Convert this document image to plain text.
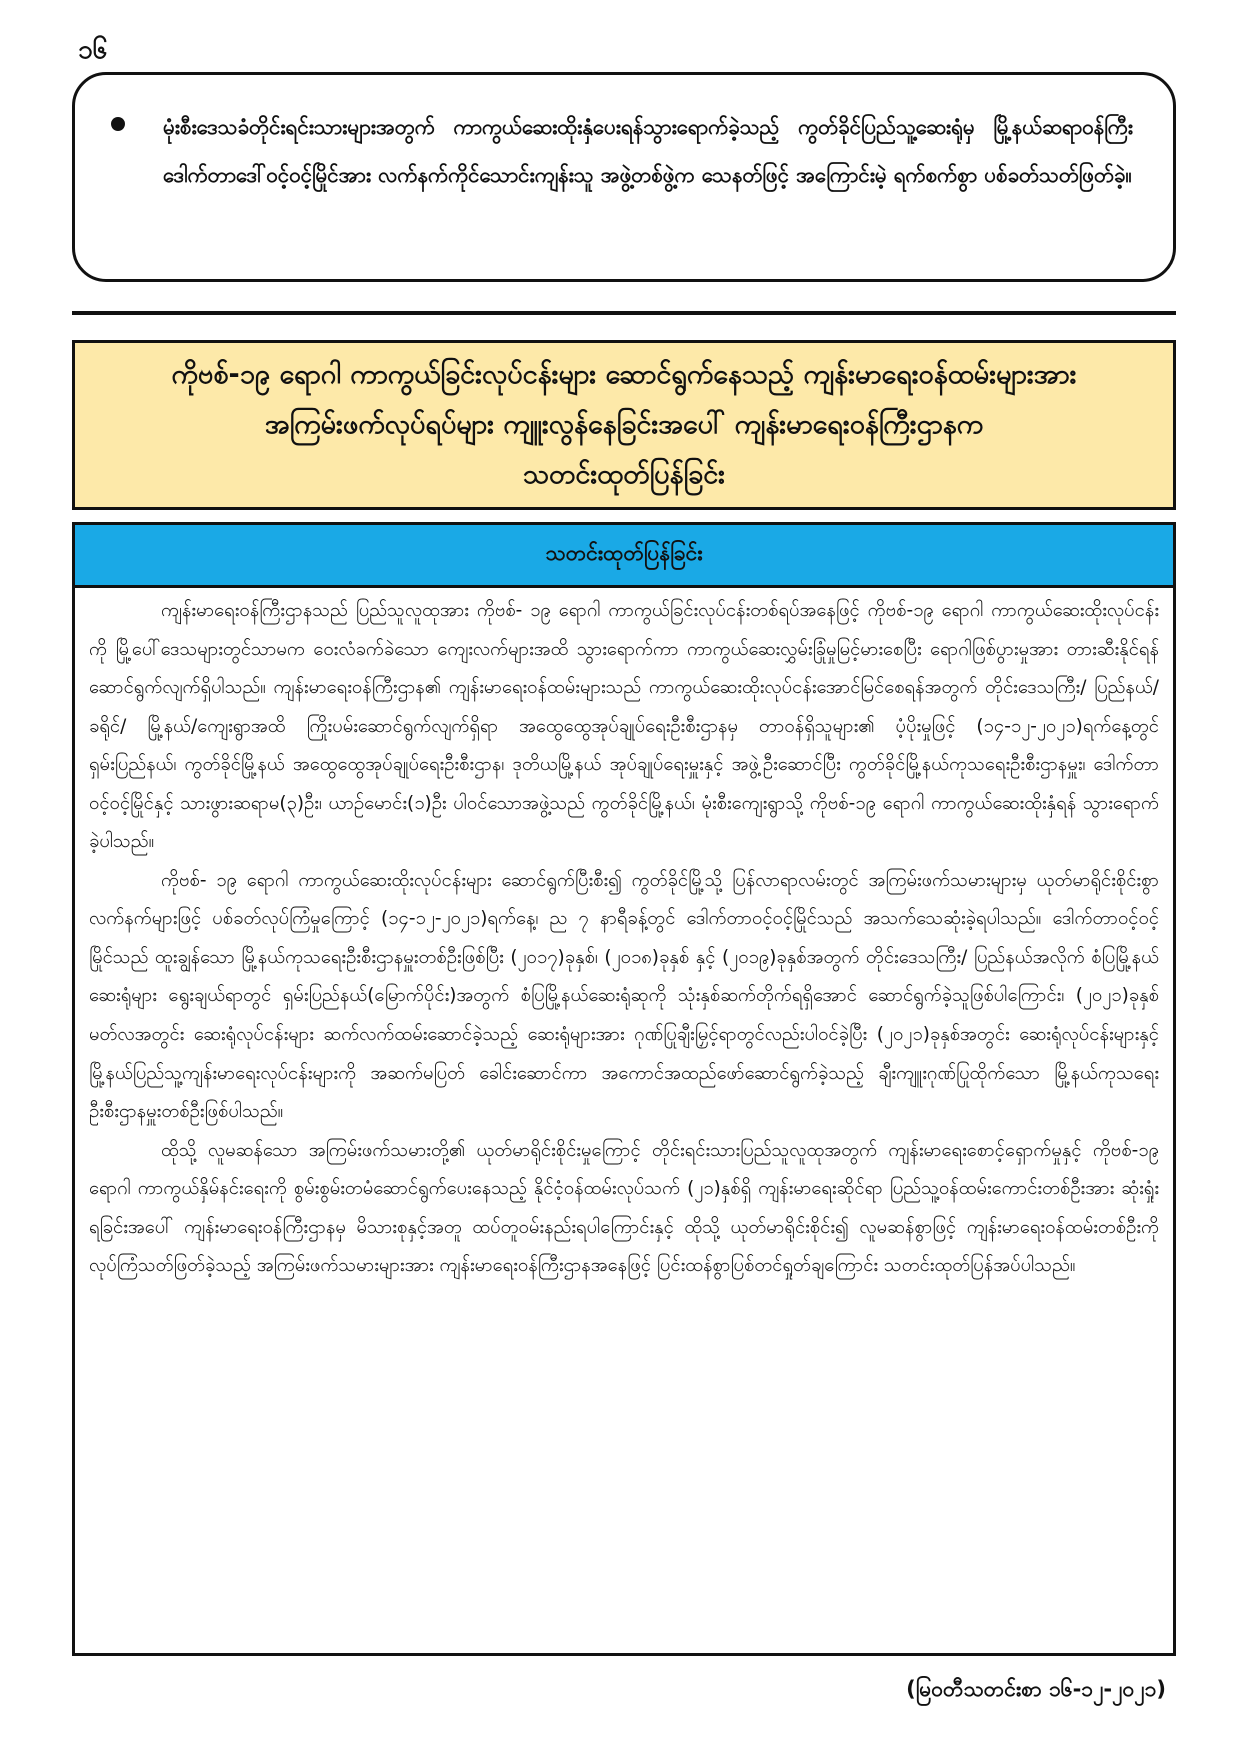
၁၆

မုံးစီးဒေသခံတိုင်းရင်းသားများအတွက် ကာကွယ်ဆေးထိုးနှံပေးရန်သွားရောက်ခဲ့သည့် ကွတ်ခိုင်ပြည်သူ့ဆေးရုံမှ မြို့နယ်ဆရာဝန်ကြီး ဒေါက်တာဒေါ်ဝင့်ဝင့်မြိုင်အား လက်နက်ကိုင်သောင်းကျန်းသူ အဖွဲ့တစ်ဖွဲ့က သေနတ်ဖြင့် အကြောင်းမဲ့ ရက်စက်စွာ ပစ်ခတ်သတ်ဖြတ်ခဲ့။

ကိုဗစ်-၁၉ ရောဂါ ကာကွယ်ခြင်းလုပ်ငန်းများ ဆောင်ရွက်နေသည့် ကျန်းမာရေးဝန်ထမ်းများအား
အကြမ်းဖက်လုပ်ရပ်များ ကျူးလွန်နေခြင်းအပေါ် ကျန်းမာရေးဝန်ကြီးဌာနက
သတင်းထုတ်ပြန်ခြင်း
သတင်းထုတ်ပြန်ခြင်း

ကျန်းမာရေးဝန်ကြီးဌာနသည် ပြည်သူလူထုအား ကိုဗစ်- ၁၉ ရောဂါ ကာကွယ်ခြင်းလုပ်ငန်းတစ်ရပ်အနေဖြင့် ကိုဗစ်-၁၉ ရောဂါ ကာကွယ်ဆေးထိုးလုပ်ငန်းကို မြို့ပေါ်ဒေသများတွင်သာမက ဝေးလံခက်ခဲသော ကျေးလက်များအထိ သွားရောက်ကာ ကာကွယ်ဆေးလွှမ်းခြုံမှုမြင့်မားစေပြီး ရောဂါဖြစ်ပွားမှုအား တားဆီးနိုင်ရန်ဆောင်ရွက်လျက်ရှိပါသည်။ ကျန်းမာရေးဝန်ကြီးဌာန၏ ကျန်းမာရေးဝန်ထမ်းများသည် ကာကွယ်ဆေးထိုးလုပ်ငန်းအောင်မြင်စေရန်အတွက် တိုင်းဒေသကြီး/ ပြည်နယ်/ ခရိုင်/ မြို့နယ်/ကျေးရွာအထိ ကြိုးပမ်းဆောင်ရွက်လျက်ရှိရာ အထွေထွေအုပ်ချုပ်ရေးဦးစီးဌာနမှ တာဝန်ရှိသူများ၏ ပံ့ပိုးမှုဖြင့် (၁၄-၁၂-၂၀၂၁)ရက်နေ့တွင် ရှမ်းပြည်နယ်၊ ကွတ်ခိုင်မြို့နယ် အထွေထွေအုပ်ချုပ်ရေးဦးစီးဌာန၊ ဒုတိယမြို့နယ် အုပ်ချုပ်ရေးမှူးနှင့် အဖွဲ့ဦးဆောင်ပြီး ကွတ်ခိုင်မြို့နယ်ကုသရေးဦးစီးဌာနမှူး၊ ဒေါက်တာဝင့်ဝင့်မြိုင်နှင့် သားဖွားဆရာမ(၃)ဦး၊ ယာဉ်မောင်း(၁)ဦး ပါဝင်သောအဖွဲ့သည် ကွတ်ခိုင်မြို့နယ်၊ မုံးစီးကျေးရွာသို့ ကိုဗစ်-၁၉ ရောဂါ ကာကွယ်ဆေးထိုးနှံရန် သွားရောက်ခဲ့ပါသည်။

ကိုဗစ်- ၁၉ ရောဂါ ကာကွယ်ဆေးထိုးလုပ်ငန်းများ ဆောင်ရွက်ပြီးစီး၍ ကွတ်ခိုင်မြို့သို့ ပြန်လာရာလမ်းတွင် အကြမ်းဖက်သမားများမှ ယုတ်မာရိုင်းစိုင်းစွာ လက်နက်များဖြင့် ပစ်ခတ်လုပ်ကြံမှုကြောင့် (၁၄-၁၂-၂၀၂၁)ရက်နေ့၊ ည ၇ နာရီခန့်တွင် ဒေါက်တာဝင့်ဝင့်မြိုင်သည် အသက်သေဆုံးခဲ့ရပါသည်။ ဒေါက်တာဝင့်ဝင့်မြိုင်သည် ထူးချွန်သော မြို့နယ်ကုသရေးဦးစီးဌာနမှူးတစ်ဦးဖြစ်ပြီး (၂၀၁၇)ခုနှစ်၊ (၂၀၁၈)ခုနှစ် နှင့် (၂၀၁၉)ခုနှစ်အတွက် တိုင်းဒေသကြီး/ ပြည်နယ်အလိုက် စံပြမြို့နယ်ဆေးရုံများ ရွေးချယ်ရာတွင် ရှမ်းပြည်နယ်(မြောက်ပိုင်း)အတွက် စံပြမြို့နယ်ဆေးရုံဆုကို သုံးနှစ်ဆက်တိုက်ရရှိအောင် ဆောင်ရွက်ခဲ့သူဖြစ်ပါကြောင်း၊ (၂၀၂၁)ခုနှစ် မတ်လအတွင်း ဆေးရုံလုပ်ငန်းများ ဆက်လက်ထမ်းဆောင်ခဲ့သည့် ဆေးရုံများအား ဂုဏ်ပြုချီးမြှင့်ရာတွင်လည်းပါဝင်ခဲ့ပြီး (၂၀၂၁)ခုနှစ်အတွင်း ဆေးရုံလုပ်ငန်းများနှင့် မြို့နယ်ပြည်သူ့ကျန်းမာရေးလုပ်ငန်းများကို အဆက်မပြတ် ခေါင်းဆောင်ကာ အကောင်အထည်ဖော်ဆောင်ရွက်ခဲ့သည့် ချီးကျူးဂုဏ်ပြုထိုက်သော မြို့နယ်ကုသရေးဦးစီးဌာနမှူးတစ်ဦးဖြစ်ပါသည်။

ထိုသို့ လူမဆန်သော အကြမ်းဖက်သမားတို့၏ ယုတ်မာရိုင်းစိုင်းမှုကြောင့် တိုင်းရင်းသားပြည်သူလူထုအတွက် ကျန်းမာရေးစောင့်ရှောက်မှုနှင့် ကိုဗစ်-၁၉ ရောဂါ ကာကွယ်နှိမ်နင်းရေးကို စွမ်းစွမ်းတမံဆောင်ရွက်ပေးနေသည့် နိုင်ငံ့ဝန်ထမ်းလုပ်သက် (၂၁)နှစ်ရှိ ကျန်းမာရေးဆိုင်ရာ ပြည်သူ့ဝန်ထမ်းကောင်းတစ်ဦးအား ဆုံးရှုံးရခြင်းအပေါ် ကျန်းမာရေးဝန်ကြီးဌာနမှ မိသားစုနှင့်အတူ ထပ်တူဝမ်းနည်းရပါကြောင်းနှင့် ထိုသို့ ယုတ်မာရိုင်းစိုင်း၍ လူမဆန်စွာဖြင့် ကျန်းမာရေးဝန်ထမ်းတစ်ဦးကို လုပ်ကြံသတ်ဖြတ်ခဲ့သည့် အကြမ်းဖက်သမားများအား ကျန်းမာရေးဝန်ကြီးဌာနအနေဖြင့် ပြင်းထန်စွာပြစ်တင်ရှုတ်ချကြောင်း သတင်းထုတ်ပြန်အပ်ပါသည်။

(မြဝတီသတင်းစာ ၁၆-၁၂-၂၀၂၁)
